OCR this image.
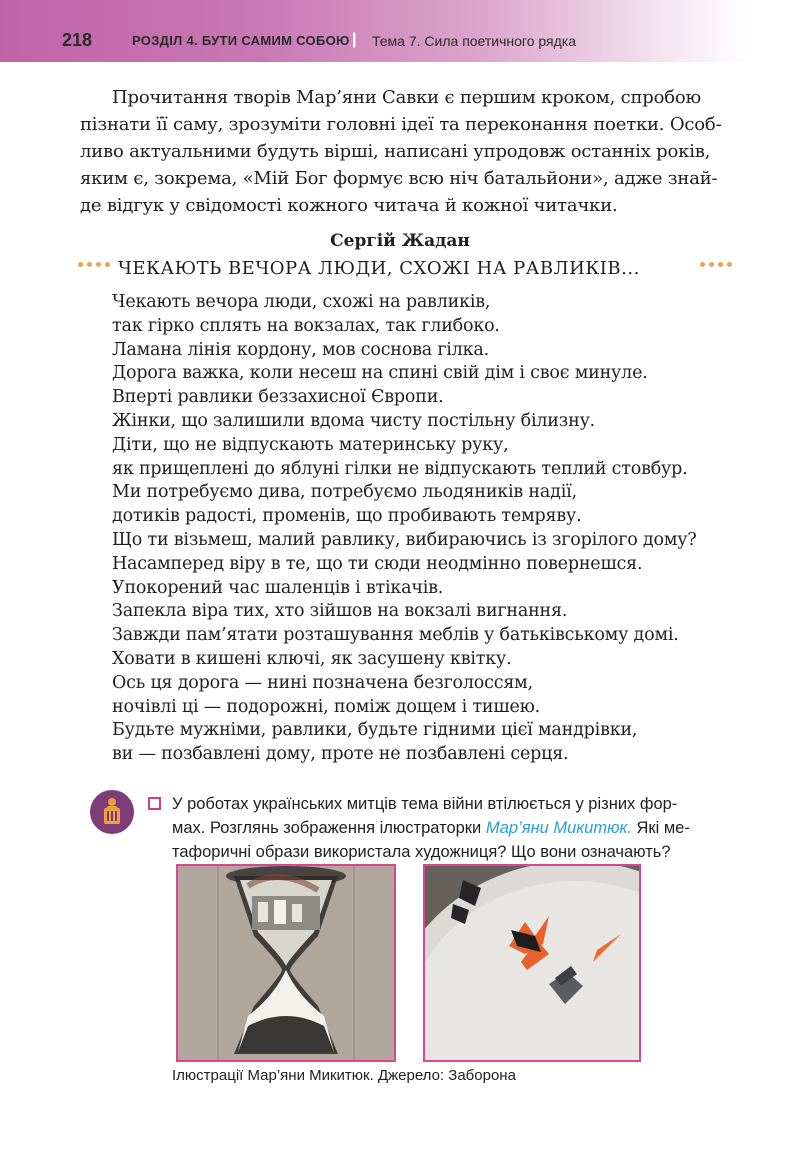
218	РОЗДІЛ 4. БУТИ САМИМ СОБОЮ | Тема 7. Сила поетичного рядка
Прочитання творів Мар’яни Савки є першим кроком, спробою
пізнати її саму, зрозуміти головні ідеї та переконання поетки. Особ-
ливо актуальними будуть вірші, написані упродовж останніх років,
яким є, зокрема, «Мій Бог формує всю ніч батальйони», адже знай-
де відгук у свідомості кожного читача й кожної читачки.
Сергій Жадан
ЧЕКАЮТЬ ВЕЧОРА ЛЮДИ, СХОЖІ НА РАВЛИКІВ...
Чекають вечора люди, схожі на равликів,
так гірко сплять на вокзалах, так глибоко.
Ламана лінія кордону, мов соснова гілка.
Дорога важка, коли несеш на спині свій дім і своє минуле.
Вперті равлики беззахисної Європи.
Жінки, що залишили вдома чисту постільну білизну.
Діти, що не відпускають материнську руку,
як прищеплені до яблуні гілки не відпускають теплий стовбур.
Ми потребуємо дива, потребуємо льодяників надії,
дотиків радості, променів, що пробивають темряву.
Що ти візьмеш, малий равлику, вибираючись із згорілого дому?
Насамперед віру в те, що ти сюди неодмінно повернешся.
Упокорений час шаленців і втікачів.
Запекла віра тих, хто зійшов на вокзалі вигнання.
Завжди пам’ятати розташування меблів у батьківському домі.
Ховати в кишені ключі, як засушену квітку.
Ось ця дорога — нині позначена безголоссям,
ночівлі ці — подорожні, поміж дощем і тишею.
Будьте мужніми, равлики, будьте гідними цієї мандрівки,
ви — позбавлені дому, проте не позбавлені серця.
У роботах українських митців тема війни втілюється у різних фор-
мах. Розглянь зображення ілюстраторки Мар’яни Микитюк. Які ме-
тафоричні образи використала художниця? Що вони означають?
Ілюстрації Мар’яни Микитюк. Джерело: Заборона
